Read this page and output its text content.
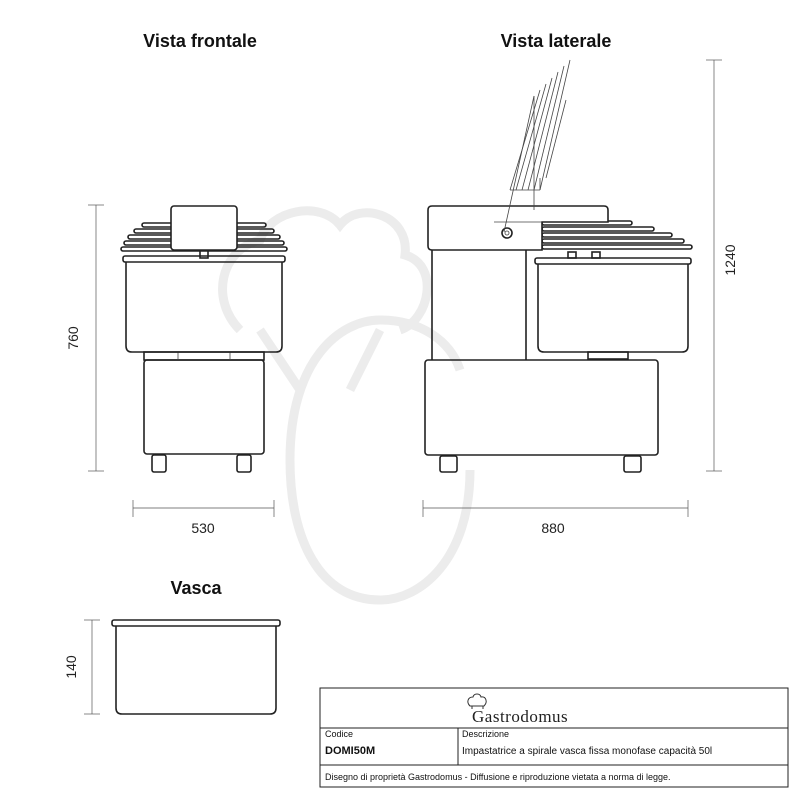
Vista frontale	Vista laterale
Vasca
530
760
880
1240
140
Gastrodomus
Codice
DOMI50M
Descrizione
Impastatrice a spirale vasca fissa monofase capacità 50l
Disegno di proprietà Gastrodomus - Diffusione e riproduzione vietata a norma di legge.
